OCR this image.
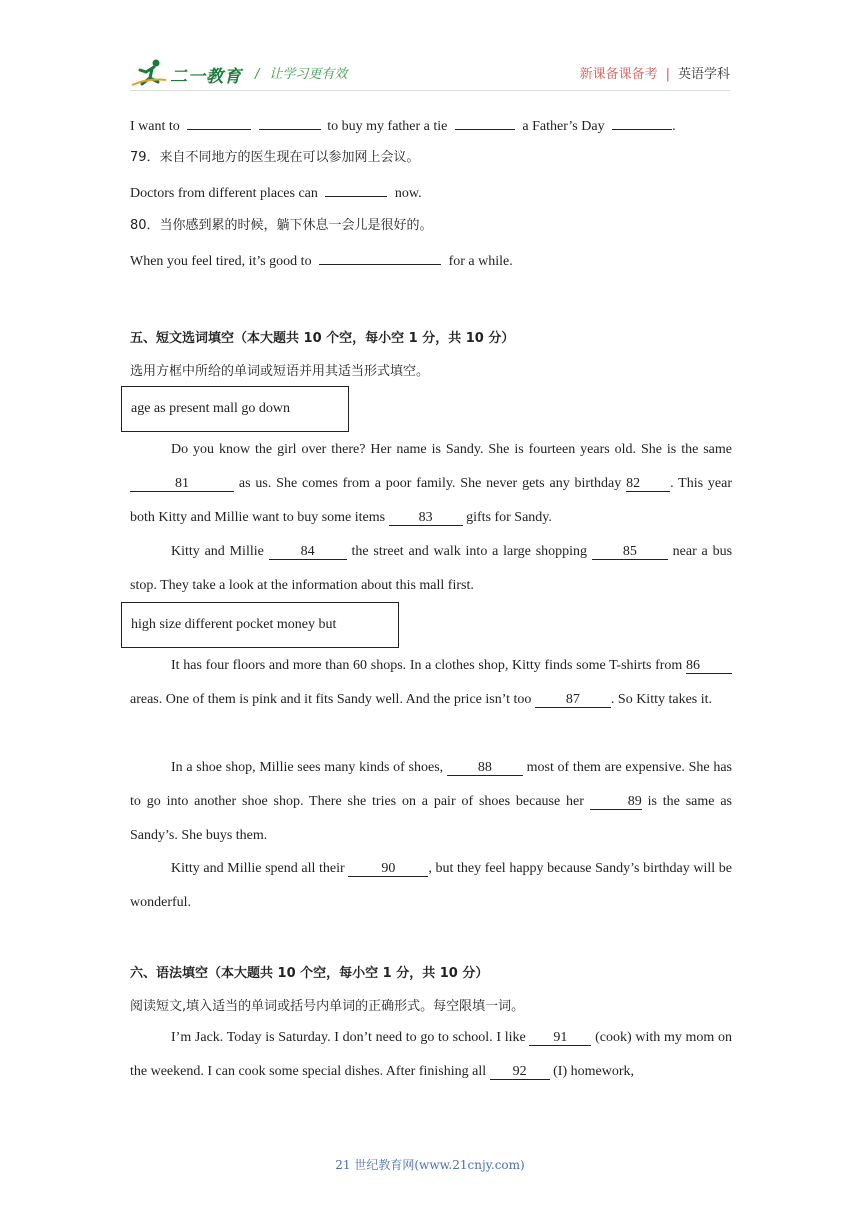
二一教育 / 让学习更有效	新课备课备考 | 英语学科
I want to	to buy my father a tie	a Father’s Day	.
79．来自不同地方的医生现在可以参加网上会议。
Doctors from different places can	now.
80．当你感到累的时候，躺下休息一会儿是很好的。
When you feel tired, it’s good to	for a while.
五、短文选词填空（本大题共 10 个空，每小空 1 分，共 10 分）
选用方框中所给的单词或短语并用其适当形式填空。
age as present mall go down
Do you know the girl over there? Her name is Sandy. She is fourteen years old. She is the same 81	as us. She comes from a poor family. She never gets any birthday 82 . This year both Kitty and Millie want to buy some items 83 gifts for Sandy.
Kitty and Millie	84	the street and walk into a large shopping	85	near a bus stop. They take a look at the information about this mall first.
high size different pocket money but
It has four floors and more than 60 shops. In a clothes shop, Kitty finds some T-shirts from 86 areas. One of them is pink and it fits Sandy well. And the price isn’t too 87 . So Kitty takes it.
In a shoe shop, Millie sees many kinds of shoes, 88 most of them are expensive. She has to go into another shoe shop. There she tries on a pair of shoes because her	89 is the same as Sandy’s. She buys them.
Kitty and Millie spend all their	90 , but they feel happy because Sandy’s birthday will be wonderful.
六、语法填空（本大题共 10 个空，每小空 1 分，共 10 分）
阅读短文,填入适当的单词或括号内单词的正确形式。每空限填一词。
I’m Jack. Today is Saturday. I don’t need to go to school. I like 91 (cook) with my mom on the weekend. I can cook some special dishes. After finishing all 92 (I) homework,
21 世纪教育网(www.21cnjy.com)
